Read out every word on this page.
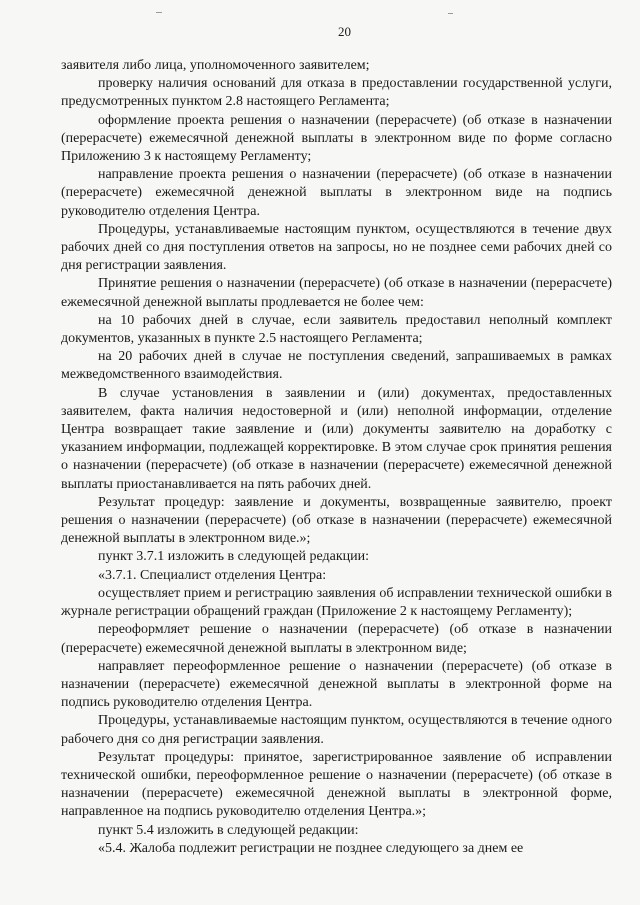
20

заявителя либо лица, уполномоченного заявителем;

проверку наличия оснований для отказа в предоставлении государственной услуги, предусмотренных пунктом 2.8 настоящего Регламента;

оформление проекта решения о назначении (перерасчете) (об отказе в назначении (перерасчете) ежемесячной денежной выплаты в электронном виде по форме согласно Приложению 3 к настоящему Регламенту;

направление проекта решения о назначении (перерасчете) (об отказе в назначении (перерасчете) ежемесячной денежной выплаты в электронном виде на подпись руководителю отделения Центра.

Процедуры, устанавливаемые настоящим пунктом, осуществляются в течение двух рабочих дней со дня поступления ответов на запросы, но не позднее семи рабочих дней со дня регистрации заявления.

Принятие решения о назначении (перерасчете) (об отказе в назначении (перерасчете) ежемесячной денежной выплаты продлевается не более чем:

на 10 рабочих дней в случае, если заявитель предоставил неполный комплект документов, указанных в пункте 2.5 настоящего Регламента;

на 20 рабочих дней в случае не поступления сведений, запрашиваемых в рамках межведомственного взаимодействия.

В случае установления в заявлении и (или) документах, предоставленных заявителем, факта наличия недостоверной и (или) неполной информации, отделение Центра возвращает такие заявление и (или) документы заявителю на доработку с указанием информации, подлежащей корректировке. В этом случае срок принятия решения о назначении (перерасчете) (об отказе в назначении (перерасчете) ежемесячной денежной выплаты приостанавливается на пять рабочих дней.

Результат процедур: заявление и документы, возвращенные заявителю, проект решения о назначении (перерасчете) (об отказе в назначении (перерасчете) ежемесячной денежной выплаты в электронном виде.»;

пункт 3.7.1 изложить в следующей редакции:

«3.7.1. Специалист отделения Центра:

осуществляет прием и регистрацию заявления об исправлении технической ошибки в журнале регистрации обращений граждан (Приложение 2 к настоящему Регламенту);

переоформляет решение о назначении (перерасчете) (об отказе в назначении (перерасчете) ежемесячной денежной выплаты в электронном виде;

направляет переоформленное решение о назначении (перерасчете) (об отказе в назначении (перерасчете) ежемесячной денежной выплаты в электронной форме на подпись руководителю отделения Центра.

Процедуры, устанавливаемые настоящим пунктом, осуществляются в течение одного рабочего дня со дня регистрации заявления.

Результат процедуры: принятое, зарегистрированное заявление об исправлении технической ошибки, переоформленное решение о назначении (перерасчете) (об отказе в назначении (перерасчете) ежемесячной денежной выплаты в электронной форме, направленное на подпись руководителю отделения Центра.»;

пункт 5.4 изложить в следующей редакции:

«5.4. Жалоба подлежит регистрации не позднее следующего за днем ее
